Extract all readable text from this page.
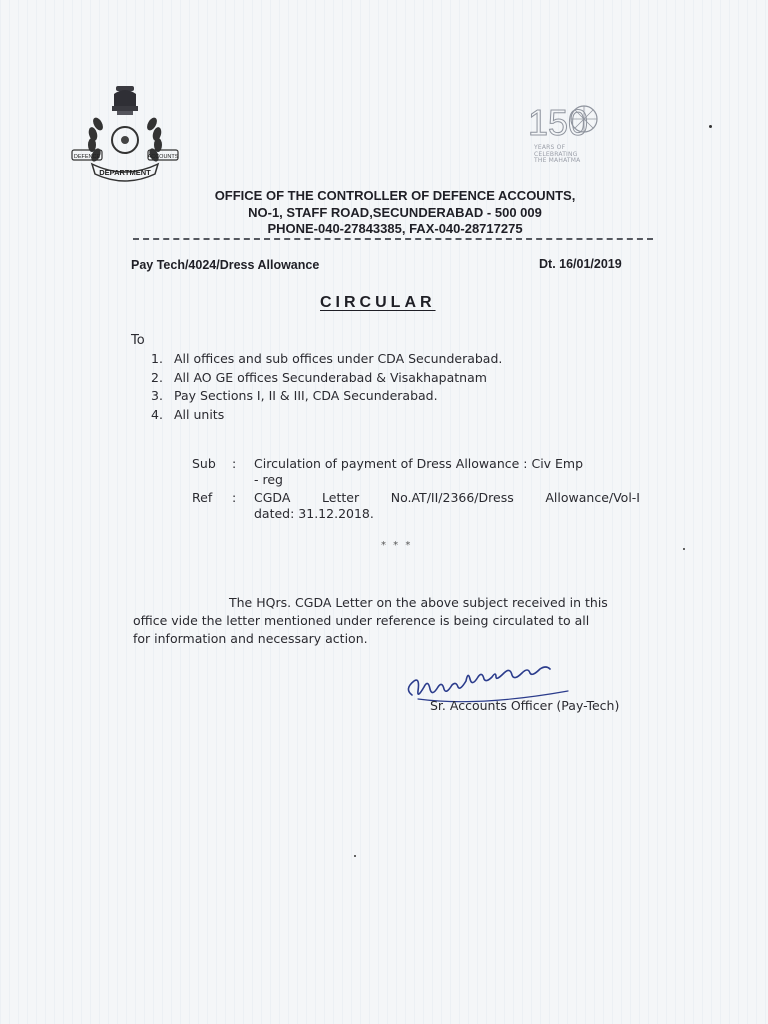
DEFENCE	ACCOUNTS
DEPARTMENT
150
YEARS OF
CELEBRATING
THE MAHATMA
OFFICE OF THE CONTROLLER OF DEFENCE ACCOUNTS,
NO-1, STAFF ROAD,SECUNDERABAD - 500 009
PHONE-040-27843385, FAX-040-28717275
Pay Tech/4024/Dress Allowance	Dt. 16/01/2019
CIRCULAR
To
1. All offices and sub offices under CDA Secunderabad.
2. All AO GE offices Secunderabad & Visakhapatnam
3. Pay Sections I, II & III, CDA Secunderabad.
4. All units
Sub	:	Circulation of payment of Dress Allowance : Civ Emp
- reg
Ref	:	CGDA Letter No.AT/II/2366/Dress Allowance/Vol-I
dated: 31.12.2018.
* * *
The HQrs. CGDA Letter on the above subject received in this
office vide the letter mentioned under reference is being circulated to all
for information and necessary action.
Sr. Accounts Officer (Pay-Tech)
